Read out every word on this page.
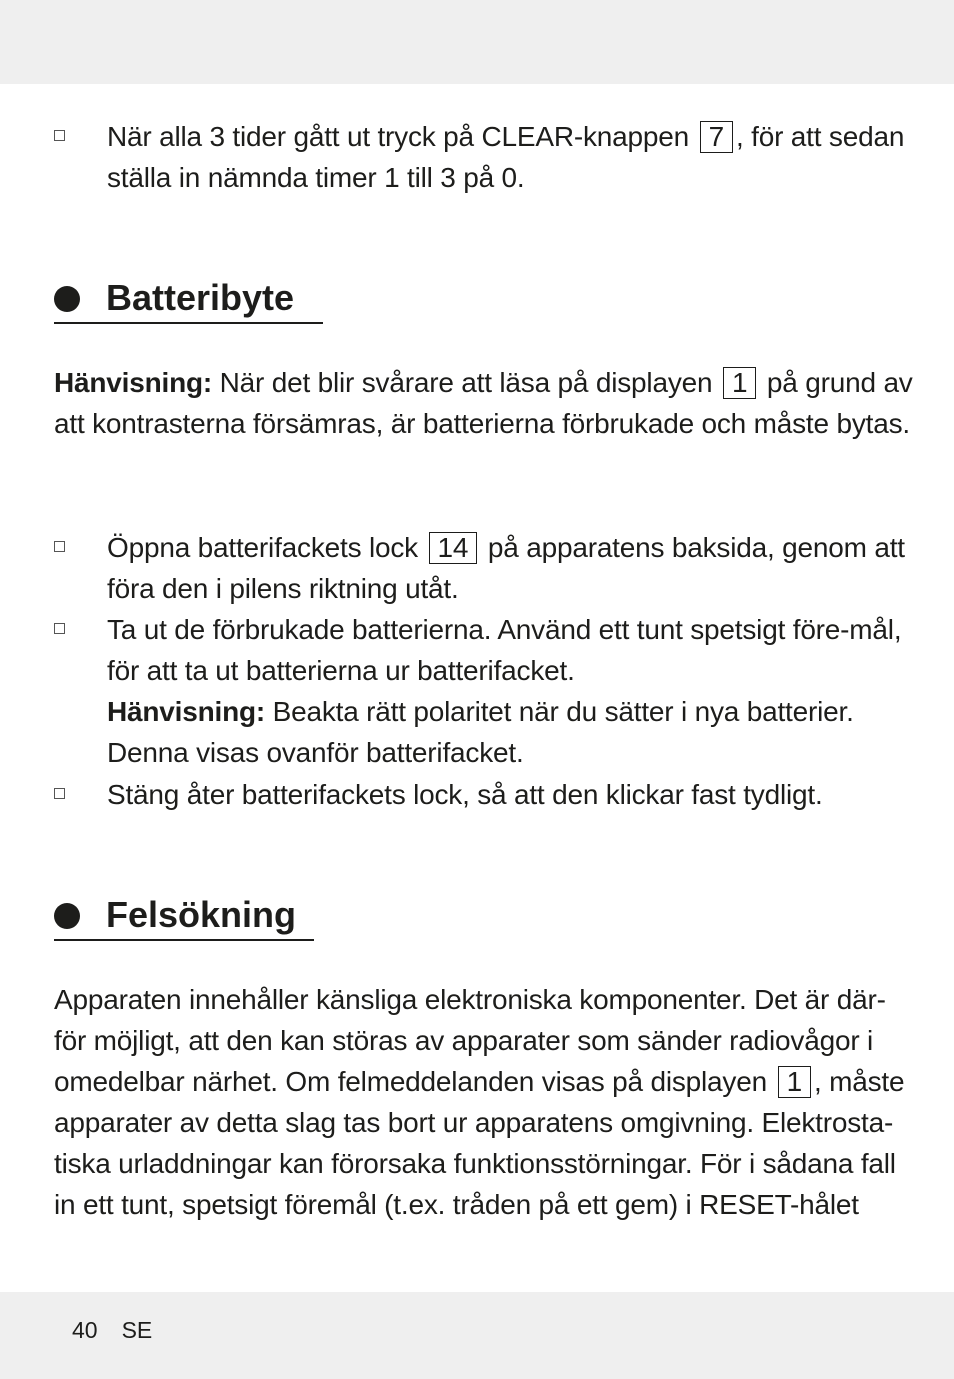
När alla 3 tider gått ut tryck på CLEAR-knappen 7 , för att sedan ställa in nämnda timer 1 till 3 på 0.
Batteribyte
Hänvisning: När det blir svårare att läsa på displayen 1 på grund av att kontrasterna försämras, är batterierna förbrukade och måste bytas.
Öppna batterifackets lock 14 på apparatens baksida, genom att föra den i pilens riktning utåt.
Ta ut de förbrukade batterierna. Använd ett tunt spetsigt före-mål, för att ta ut batterierna ur batterifacket.
Hänvisning: Beakta rätt polaritet när du sätter i nya batterier. Denna visas ovanför batterifacket.
Stäng åter batterifackets lock, så att den klickar fast tydligt.
Felsökning
Apparaten innehåller känsliga elektroniska komponenter. Det är där-för möjligt, att den kan störas av apparater som sänder radiovågor i omedelbar närhet. Om felmeddelanden visas på displayen 1 , måste apparater av detta slag tas bort ur apparatens omgivning. Elektrosta-tiska urladdningar kan förorsaka funktionsstörningar. För i sådana fall in ett tunt, spetsigt föremål (t.ex. tråden på ett gem) i RESET-hålet
40 SE
